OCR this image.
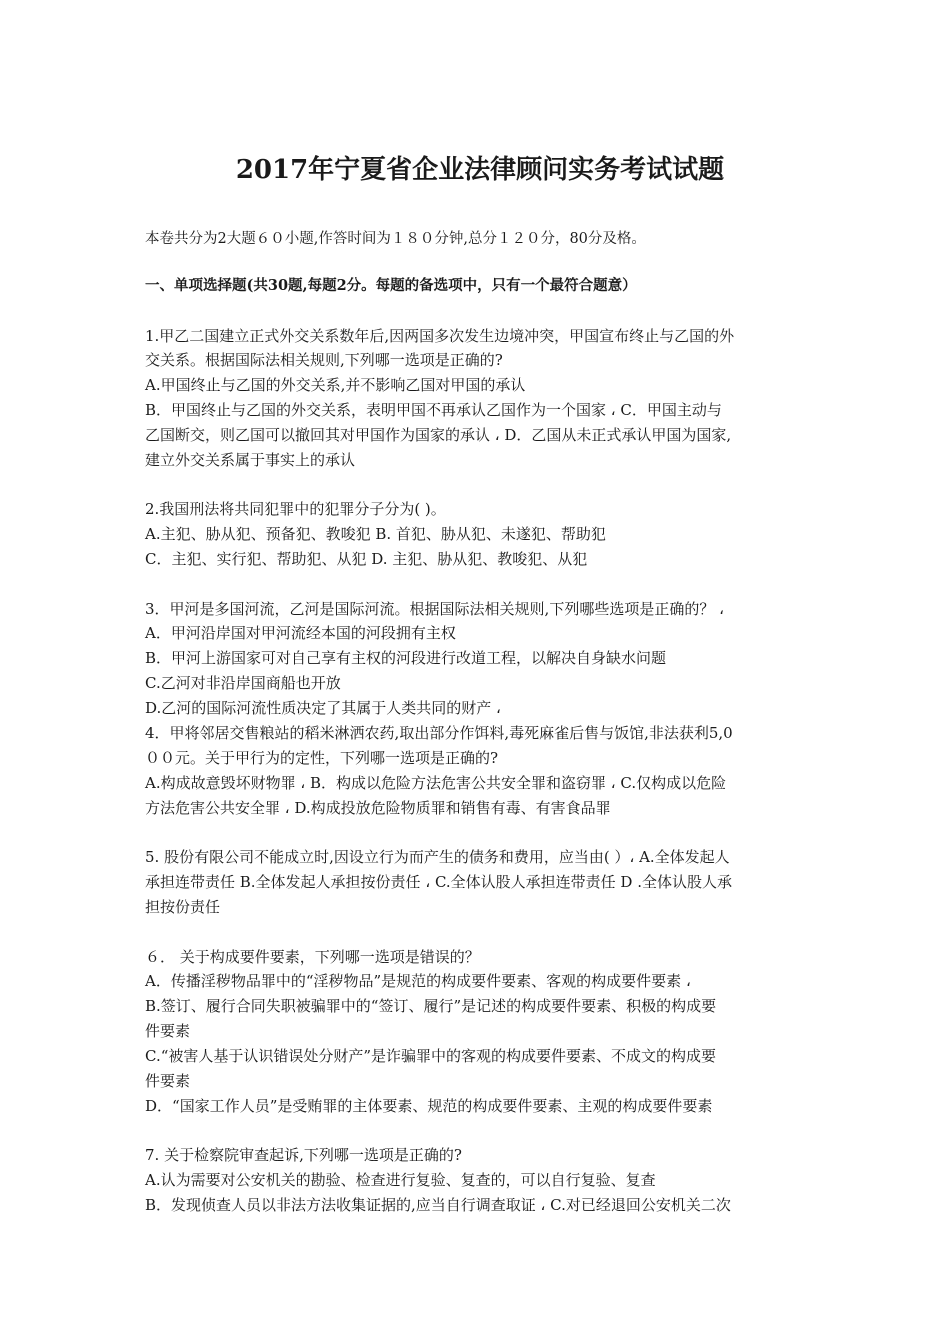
2017年宁夏省企业法律顾问实务考试试题
本卷共分为2大题６０小题,作答时间为１８０分钟,总分１２０分，80分及格。
一、单项选择题(共30题,每题2分。每题的备选项中，只有一个最符合题意）
1.甲乙二国建立正式外交关系数年后,因两国多次发生边境冲突，甲国宣布终止与乙国的外
交关系。根据国际法相关规则,下列哪一选项是正确的?
A.甲国终止与乙国的外交关系,并不影响乙国对甲国的承认
B．甲国终止与乙国的外交关系，表明甲国不再承认乙国作为一个国家 ، C．甲国主动与
乙国断交，则乙国可以撤回其对甲国作为国家的承认 ، D．乙国从未正式承认甲国为国家,
建立外交关系属于事实上的承认
2.我国刑法将共同犯罪中的犯罪分子分为( )。
A.主犯、胁从犯、预备犯、教唆犯 B. 首犯、胁从犯、未遂犯、帮助犯
C．主犯、实行犯、帮助犯、从犯 D. 主犯、胁从犯、教唆犯、从犯
3．甲河是多国河流，乙河是国际河流。根据国际法相关规则,下列哪些选项是正确的？ ،
A．甲河沿岸国对甲河流经本国的河段拥有主权
B．甲河上游国家可对自己享有主权的河段进行改道工程，以解决自身缺水问题
C.乙河对非沿岸国商船也开放
D.乙河的国际河流性质决定了其属于人类共同的财产 ،
4．甲将邻居交售粮站的稻米淋洒农药,取出部分作饵料,毒死麻雀后售与饭馆,非法获利5,0
００元。关于甲行为的定性，下列哪一选项是正确的?
A.构成故意毁坏财物罪 ، B．构成以危险方法危害公共安全罪和盗窃罪 ، C.仅构成以危险
方法危害公共安全罪 ، D.构成投放危险物质罪和销售有毒、有害食品罪
5. 股份有限公司不能成立时,因设立行为而产生的债务和费用，应当由( ）، A.全体发起人
承担连带责任 B.全体发起人承担按份责任 ، C.全体认股人承担连带责任 D .全体认股人承
担按份责任
６． 关于构成要件要素，下列哪一选项是错误的？
A．传播淫秽物品罪中的“淫秽物品”是规范的构成要件要素、客观的构成要件要素 ،
B.签订、履行合同失职被骗罪中的“签订、履行”是记述的构成要件要素、积极的构成要
件要素
C.“被害人基于认识错误处分财产”是诈骗罪中的客观的构成要件要素、不成文的构成要
件要素
D．“国家工作人员”是受贿罪的主体要素、规范的构成要件要素、主观的构成要件要素
7. 关于检察院审查起诉,下列哪一选项是正确的?
A.认为需要对公安机关的勘验、检查进行复验、复查的，可以自行复验、复查
B．发现侦查人员以非法方法收集证据的,应当自行调查取证 ، C.对已经退回公安机关二次
